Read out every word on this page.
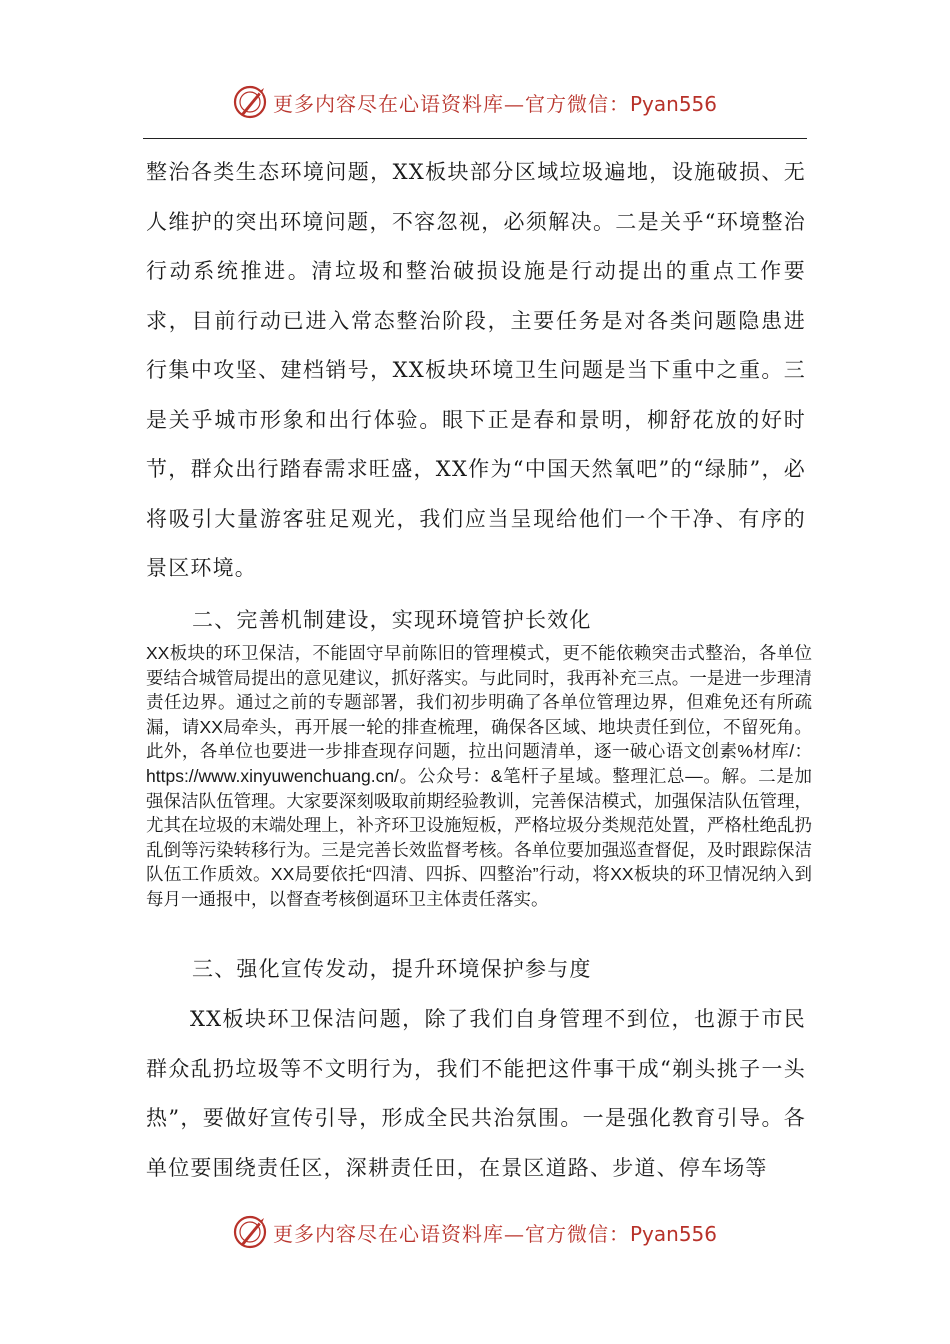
更多内容尽在心语资料库—官方微信：Pyan556

整治各类生态环境问题，XX板块部分区域垃圾遍地，设施破损、无人维护的突出环境问题，不容忽视，必须解决。二是关乎“环境整治行动系统推进。清垃圾和整治破损设施是行动提出的重点工作要求，目前行动已进入常态整治阶段，主要任务是对各类问题隐患进行集中攻坚、建档销号，XX板块环境卫生问题是当下重中之重。三是关乎城市形象和出行体验。眼下正是春和景明，柳舒花放的好时节，群众出行踏春需求旺盛，XX作为“中国天然氧吧”的“绿肺”，必将吸引大量游客驻足观光，我们应当呈现给他们一个干净、有序的景区环境。

二、完善机制建设，实现环境管护长效化

XX板块的环卫保洁，不能固守早前陈旧的管理模式，更不能依赖突击式整治，各单位要结合城管局提出的意见建议，抓好落实。与此同时，我再补充三点。一是进一步理清责任边界。通过之前的专题部署，我们初步明确了各单位管理边界，但难免还有所疏漏，请XX局牵头，再开展一轮的排查梳理，确保各区域、地块责任到位，不留死角。此外，各单位也要进一步排查现存问题，拉出问题清单，逐一破心语文创素%材库/：https://www.xinyuwenchuang.cn/。公众号：&笔杆子星域。整理汇总—。解。二是加强保洁队伍管理。大家要深刻吸取前期经验教训，完善保洁模式，加强保洁队伍管理，尤其在垃圾的末端处理上，补齐环卫设施短板，严格垃圾分类规范处置，严格杜绝乱扔乱倒等污染转移行为。三是完善长效监督考核。各单位要加强巡查督促，及时跟踪保洁队伍工作质效。XX局要依托“四清、四拆、四整治”行动，将XX板块的环卫情况纳入到每月一通报中，以督查考核倒逼环卫主体责任落实。

三、强化宣传发动，提升环境保护参与度

XX板块环卫保洁问题，除了我们自身管理不到位，也源于市民群众乱扔垃圾等不文明行为，我们不能把这件事干成“剃头挑子一头热”，要做好宣传引导，形成全民共治氛围。一是强化教育引导。各单位要围绕责任区，深耕责任田，在景区道路、步道、停车场等

更多内容尽在心语资料库—官方微信：Pyan556
